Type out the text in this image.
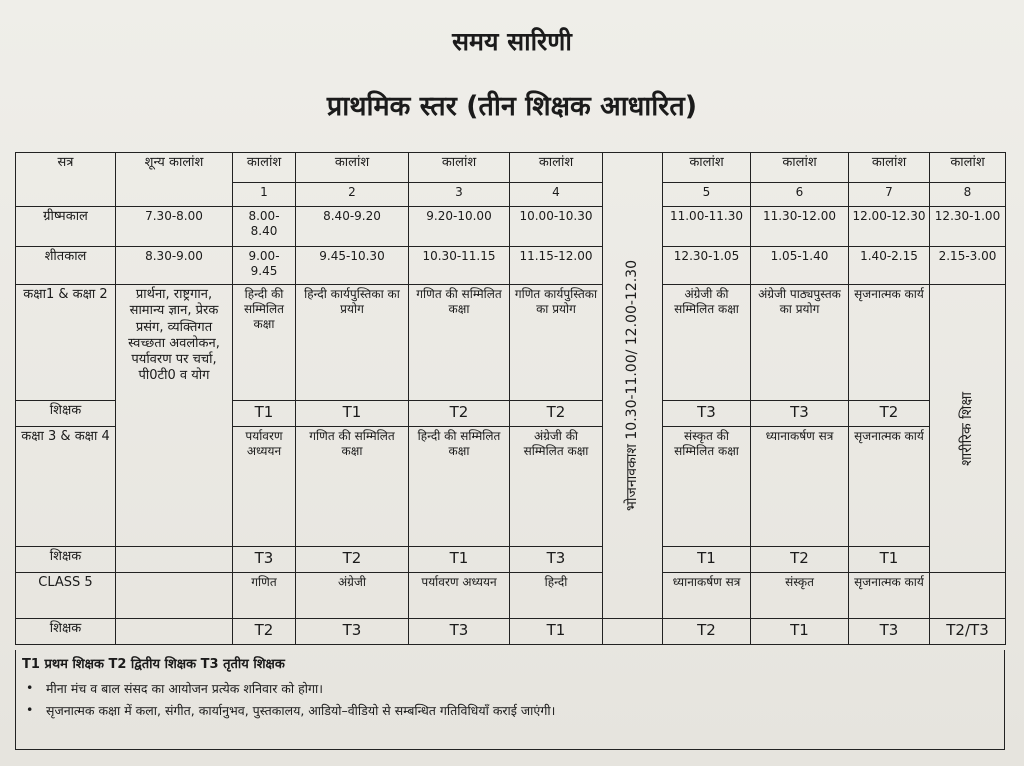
समय सारिणी
प्राथमिक स्तर (तीन शिक्षक आधारित)
सत्र	शून्य कालांश	कालांश	कालांश	कालांश	कालांश	भोजनावकाश 10.30-11.00/ 12.00-12.30	कालांश	कालांश	कालांश	कालांश
		1	2	3	4		5	6	7	8
ग्रीष्मकाल	7.30-8.00	8.00-8.40	8.40-9.20	9.20-10.00	10.00-10.30		11.00-11.30	11.30-12.00	12.00-12.30	12.30-1.00
शीतकाल	8.30-9.00	9.00-9.45	9.45-10.30	10.30-11.15	11.15-12.00		12.30-1.05	1.05-1.40	1.40-2.15	2.15-3.00
कक्षा1 & कक्षा 2	प्रार्थना, राष्ट्रगान, सामान्य ज्ञान, प्रेरक प्रसंग, व्यक्तिगत स्वच्छता अवलोकन, पर्यावरण पर चर्चा, पी0टी0 व योग	हिन्दी की सम्मिलित कक्षा	हिन्दी कार्यपुस्तिका का प्रयोग	गणित की सम्मिलित कक्षा	गणित कार्यपुस्तिका का प्रयोग		अंग्रेजी की सम्मिलित कक्षा	अंग्रेजी पाठ्यपुस्तक का प्रयोग	सृजनात्मक कार्य	शारीरिक शिक्षा

शिक्षक		T1	T1	T2	T2		T3	T3	T2	
कक्षा 3 & कक्षा 4		पर्यावरण अध्ययन	गणित की सम्मिलित कक्षा	हिन्दी की सम्मिलित कक्षा	अंग्रेजी की सम्मिलित कक्षा		संस्कृत की सम्मिलित कक्षा	ध्यानाकर्षण सत्र	सृजनात्मक कार्य	
शिक्षक		T3	T2	T1	T3		T1	T2	T1	
CLASS 5		गणित	अंग्रेजी	पर्यावरण अध्ययन	हिन्दी		ध्यानाकर्षण सत्र	संस्कृत	सृजनात्मक कार्य	
शिक्षक		T2	T3	T3	T1		T2	T1	T3	T2/T3
T1 प्रथम शिक्षक T2 द्वितीय शिक्षक T3 तृतीय शिक्षक
• मीना मंच व बाल संसद का आयोजन प्रत्येक शनिवार को होगा।
• सृजनात्मक कक्षा में कला, संगीत, कार्यानुभव, पुस्तकालय, आडियो–वीडियो से सम्बन्धित गतिविधियाँ कराई जाएंगी।
